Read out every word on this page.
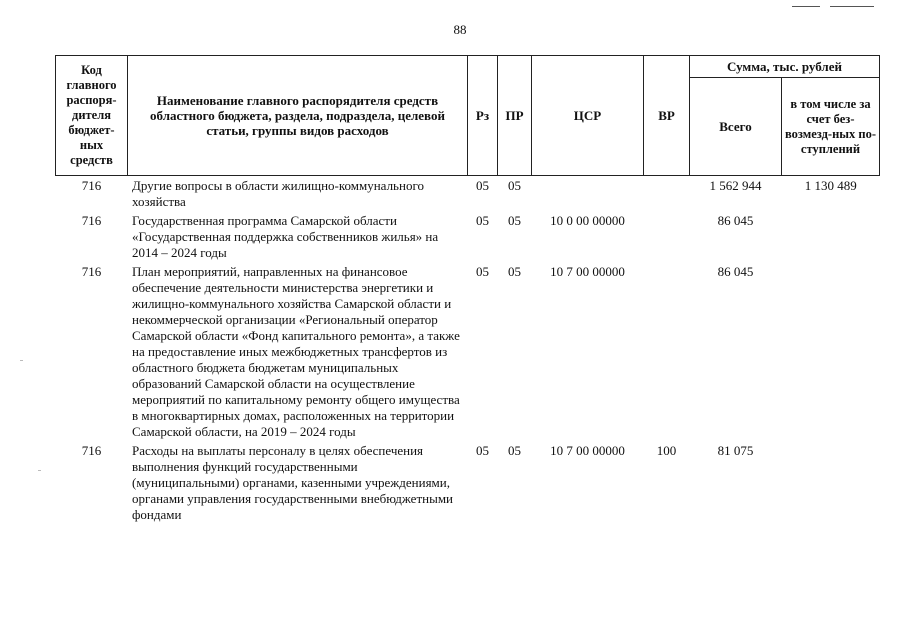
88
Код главного распоря-дителя бюджет-ных средств	Наименование главного распорядителя средств областного бюджета, раздела, подраздела, целевой статьи, группы видов расходов	Рз	ПР	ЦСР	ВР	Сумма, тыс. рублей	
						Всего	в том числе за счет без-возмезд-ных по-ступлений
716	Другие вопросы в области жилищно-коммунального хозяйства	05	05			1 562 944	1 130 489
716	Государственная программа Самарской области «Государственная поддержка собственников жилья» на 2014 – 2024 годы	05	05	10 0 00 00000		86 045	
716	План мероприятий, направленных на финансовое обеспечение деятельности министерства энергетики и жилищно-коммунального хозяйства Самарской области и некоммерческой организации «Региональный оператор Самарской области «Фонд капитального ремонта», а также на предоставление иных межбюджетных трансфертов из областного бюджета бюджетам муниципальных образований Самарской области на осуществление мероприятий по капитальному ремонту общего имущества в многоквартирных домах, расположенных на территории Самарской области, на 2019 – 2024 годы	05	05	10 7 00 00000		86 045	
716	Расходы на выплаты персоналу в целях обеспечения выполнения функций государственными (муниципальными) органами, казенными учреждениями, органами управления государственными внебюджетными фондами	05	05	10 7 00 00000	100	81 075	
